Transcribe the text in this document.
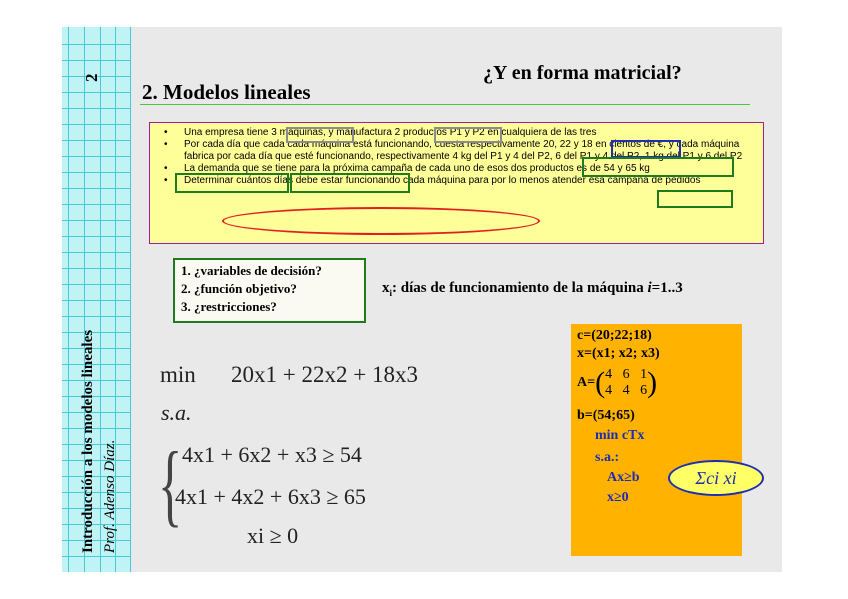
2
Introducción a los modelos lineales Prof. Adenso Díaz.
2. Modelos lineales
¿Y en forma matricial?
• Una empresa tiene 3 máquinas, y manufactura 2 productos P1 y P2 en cualquiera de las tres
• Por cada día que cada cada máquina está funcionando, cuesta respectivamente 20, 22 y 18 en cientos de €, y cada máquina fabrica por cada día que esté funcionando, respectivamente 4 kg del P1 y 4 del P2, 6 del P1 y 4 del P2, 1 kg del P1 y 6 del P2
• La demanda que se tiene para la próxima campaña de cada uno de esos dos productos es de 54 y 65 kg
• Determinar cuántos días debe estar funcionando cada máquina para por lo menos atender esa campaña de pedidos
1. ¿variables de decisión?
2. ¿función objetivo?
3. ¿restricciones?
$x_i$: días de funcionamiento de la máquina i=1..3
min 20x1 + 22x2 + 18x3
s.a.
{ 4x1 + 6x2 + x3 ≥ 54
4x1 + 4x2 + 6x3 ≥ 65
xi ≥ 0
c=(20;22;18)
x=(x1; x2; x3)
A= ( 4 6 1
4 4 6 )
b=(54;65)
min cTx
s.a.:
Ax≥b
x≥0
Σci xi
